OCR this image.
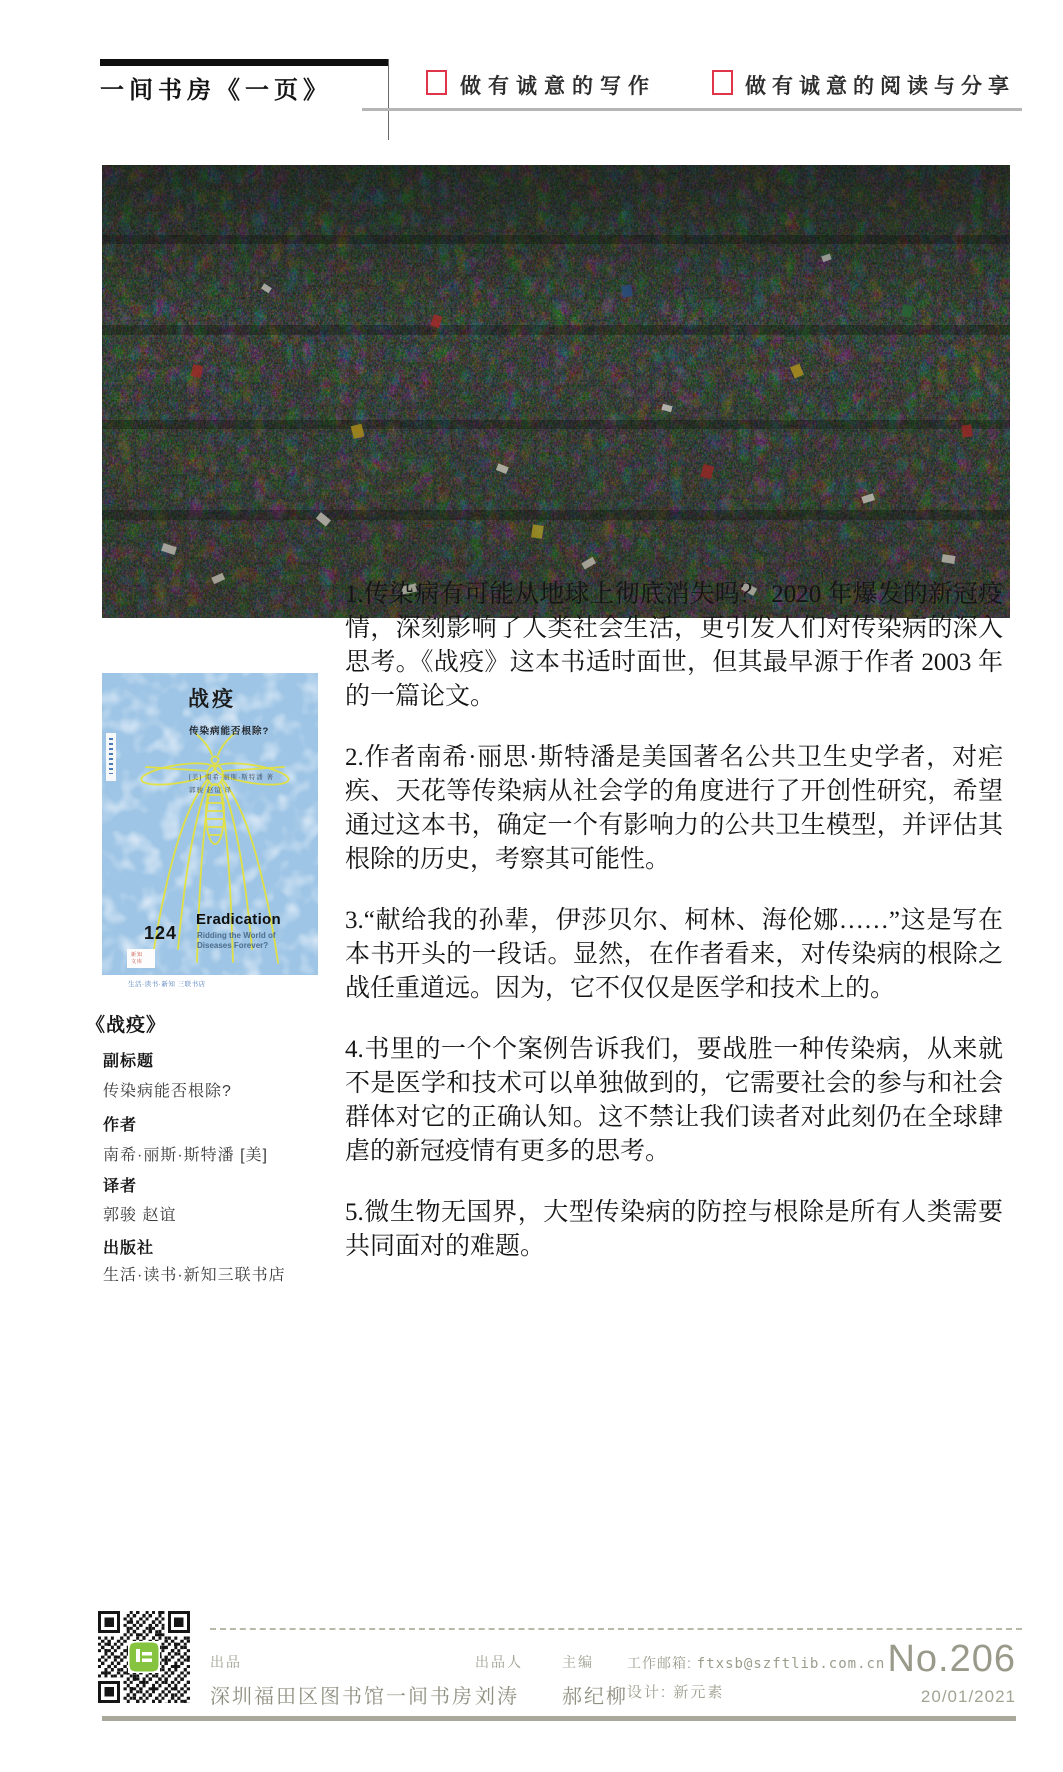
一间书房《一页》	做有诚意的写作	做有诚意的阅读与分享
战疫
传染病能否根除?
[美] 南希·丽斯·斯特潘 著
郭骏 赵谊 译
Eradication
Ridding the World of
Diseases Forever?
124
新知
文库
生活·读书·新知 三联书店
《战疫》
副标题
传染病能否根除?
作者
南希·丽斯·斯特潘 [美]
译者
郭骏 赵谊
出版社
生活·读书·新知三联书店

1.传染病有可能从地球上彻底消失吗？ 2020 年爆发的新冠疫情，深刻影响了人类社会生活，更引发人们对传染病的深入思考。《战疫》这本书适时面世，但其最早源于作者 2003 年的一篇论文。

2.作者南希·丽思·斯特潘是美国著名公共卫生史学者，对疟疾、天花等传染病从社会学的角度进行了开创性研究，希望通过这本书，确定一个有影响力的公共卫生模型，并评估其根除的历史，考察其可能性。

3.“献给我的孙辈，伊莎贝尔、柯林、海伦娜……”这是写在本书开头的一段话。显然，在作者看来，对传染病的根除之战任重道远。因为，它不仅仅是医学和技术上的。

4.书里的一个个案例告诉我们，要战胜一种传染病，从来就不是医学和技术可以单独做到的，它需要社会的参与和社会群体对它的正确认知。这不禁让我们读者对此刻仍在全球肆虐的新冠疫情有更多的思考。

5.微生物无国界，大型传染病的防控与根除是所有人类需要共同面对的难题。

出品
深圳福田区图书馆一间书房
出品人
刘涛
主编
郝纪柳
工作邮箱: ftxsb@szftlib.com.cn
设计: 新元素
No.206
20/01/2021
